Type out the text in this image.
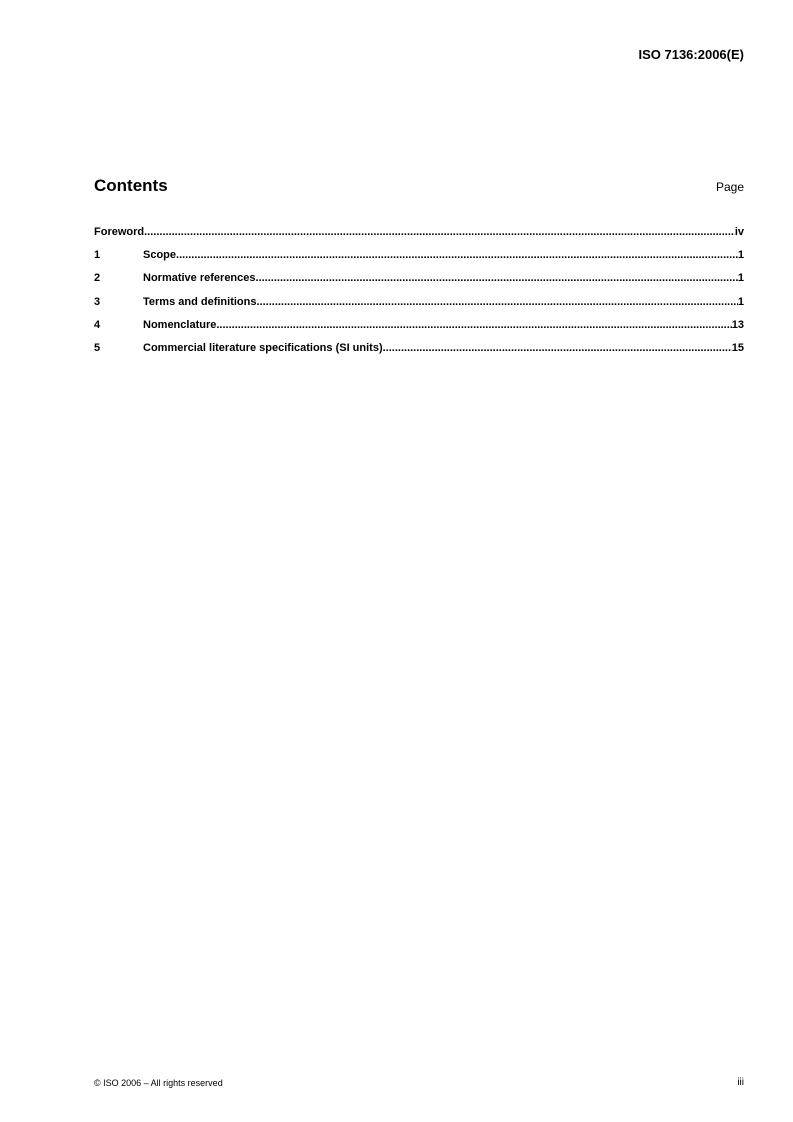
ISO 7136:2006(E)
Contents	Page
Foreword .....	iv
1	Scope .....	1
2	Normative references .....	1
3	Terms and definitions .....	1
4	Nomenclature .....	13
5	Commercial literature specifications (SI units) .....	15
© ISO 2006 – All rights reserved	iii
